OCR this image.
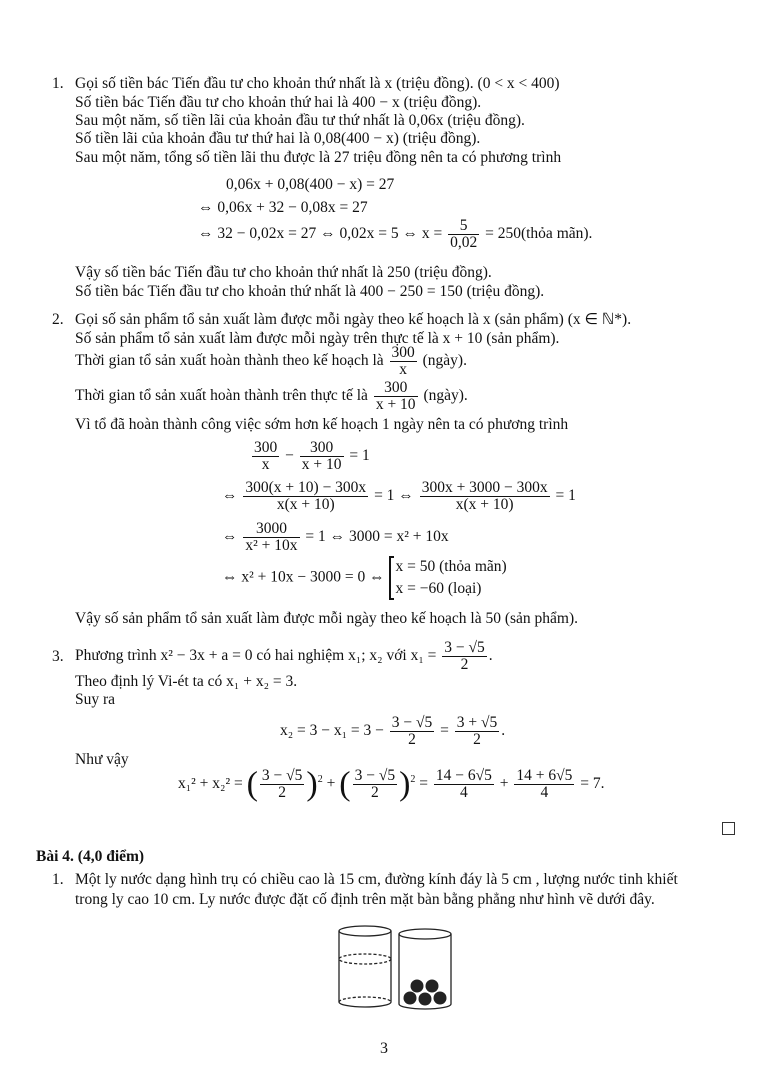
1. Gọi số tiền bác Tiến đầu tư cho khoản thứ nhất là x (triệu đồng). (0 < x < 400)
Số tiền bác Tiến đầu tư cho khoản thứ hai là 400 − x (triệu đồng).
Sau một năm, số tiền lãi của khoản đầu tư thứ nhất là 0,06x (triệu đồng).
Số tiền lãi của khoản đầu tư thứ hai là 0,08(400 − x) (triệu đồng).
Sau một năm, tổng số tiền lãi thu được là 27 triệu đồng nên ta có phương trình
0,06x + 0,08(400 − x) = 27
⇔ 0,06x + 32 − 0,08x = 27
⇔ 32 − 0,02x = 27 ⇔ 0,02x = 5 ⇔ $x = \frac{5}{0,02}$ = 250(thỏa mãn).
Vậy số tiền bác Tiến đầu tư cho khoản thứ nhất là 250 (triệu đồng).
Số tiền bác Tiến đầu tư cho khoản thứ nhất là 400 − 250 = 150 (triệu đồng).
2. Gọi số sản phẩm tổ sản xuất làm được mỗi ngày theo kế hoạch là x (sản phẩm) (x ∈ ℕ*).
Số sản phẩm tổ sản xuất làm được mỗi ngày trên thực tế là x + 10 (sản phẩm).
Thời gian tổ sản xuất hoàn thành theo kế hoạch là $\frac{300}{x}$ (ngày).
Thời gian tổ sản xuất hoàn thành trên thực tế là $\frac{300}{x + 10}$ (ngày).
Vì tổ đã hoàn thành công việc sớm hơn kế hoạch 1 ngày nên ta có phương trình
$\frac{300}{x} - \frac{300}{x + 10} = 1$
⇔ $\frac{300(x + 10) - 300x}{x(x + 10)} = 1$ ⇔ $\frac{300x + 3000 - 300x}{x(x + 10)} = 1$
⇔ $\frac{3000}{\text{x² + 10x}} = 1$ ⇔ 3000 = x² + 10x
⇔ x² + 10x − 3000 = 0 ⇔
x = 50 (thỏa mãn)
x = −60 (loại)
Vậy số sản phẩm tổ sản xuất làm được mỗi ngày theo kế hoạch là 50 (sản phẩm).
3. Phương trình x² − 3x + a = 0 có hai nghiệm x₁; x₂ với $x_1 = \frac{3 - √5}{2}$ .
Theo định lý Vi-ét ta có x₁ + x₂ = 3.
Suy ra
$x_2 = 3 - x_1 = 3 - \frac{3 - √5}{2} = \frac{3 + √5}{2}$ .
Như vậy
x₁² + x₂² = ( $\frac{3 - √5}{2} )^2$ + ( $\frac{3 - √5}{2} )^2 = \frac{14 - 6√5}{4} + \frac{14 + 6√5}{4} = 7$.
Bài 4. (4,0 điểm)
1. Một ly nước dạng hình trụ có chiều cao là 15 cm, đường kính đáy là 5 cm , lượng nước tinh khiết
trong ly cao 10 cm. Ly nước được đặt cố định trên mặt bàn bằng phẳng như hình vẽ dưới đây.
3
